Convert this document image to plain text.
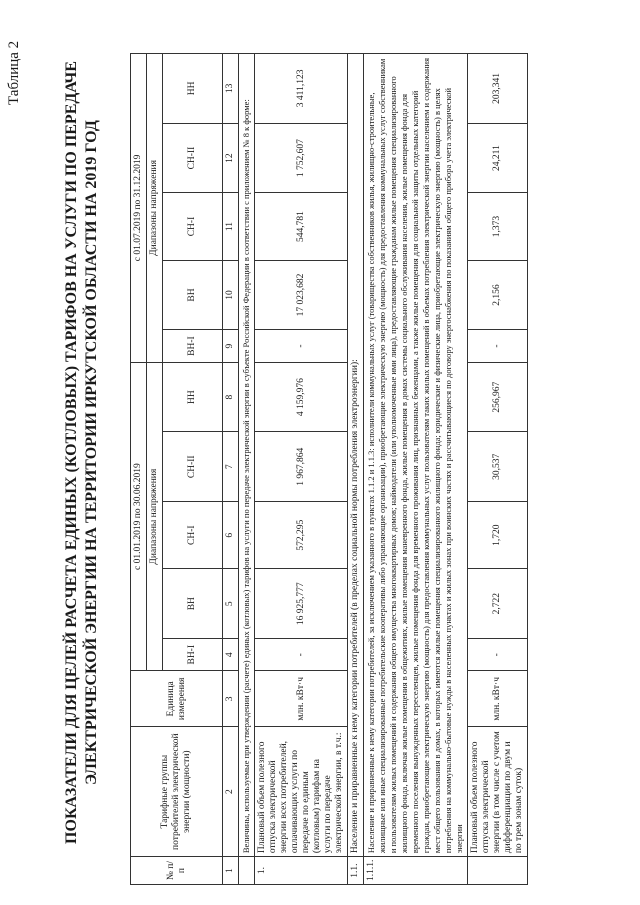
Таблица 2	ПОКАЗАТЕЛИ ДЛЯ ЦЕЛЕЙ РАСЧЕТА ЕДИНЫХ (КОТЛОВЫХ) ТАРИФОВ НА УСЛУГИ ПО ПЕРЕДАЧЕ ЭЛЕКТРИЧЕСКОЙ ЭНЕРГИИ НА ТЕРРИТОРИИ ИРКУТСКОЙ ОБЛАСТИ НА 2019 ГОД
№ п/п	Тарифные группы потребителей электрической энергии (мощности)	Единица измерения	с 01.01.2019 по 30.06.2019					с 01.07.2019 по 31.12.2019				
			Диапазоны напряжения					Диапазоны напряжения				
			ВН-I	ВН	СН-I	СН-II	НН	ВН-I	ВН	СН-I	СН-II	НН
1	2	3	4	5	6	7	8	9	10	11	12	13
	Величины, используемые при утверждении (расчете) единых (котловых) тарифов на услуги по передаче электрической энергии в субъекте Российской Федерации в соответствии с приложением № 8 к форме:											
1.	Плановый объем полезного отпуска электрической энергии всех потребителей, оплачивающих услуги по передаче по единым (котловым) тарифам на услуги по передаче электрической энергии, в т.ч.:	млн. кВт·ч	-	16 925,777	572,295	1 967,864	4 159,976	-	17 023,682	544,781	1 752,607	3 411,123
1.1.	Население и приравненные к нему категории потребителей (в пределах социальной нормы потребления электроэнергии):											
1.1.1.	Население и приравненные к нему категории потребителей, за исключением указанного в пунктах 1.1.2 и 1.1.3: исполнители коммунальных услуг (товарищества собственников жилья, жилищно-строительные, жилищные или иные специализированные потребительские кооперативы либо управляющие организации), приобретающие электрическую энергию (мощность) для предоставления коммунальных услуг собственникам и пользователям жилых помещений и содержания общего имущества многоквартирных домов; наймодатели (или уполномоченные ими лица), предоставляющие гражданам жилые помещения специализированного жилищного фонда, включая жилые помещения в общежитиях, жилые помещения маневренного фонда, жилые помещения в домах системы социального обслуживания населения, жилые помещения фонда для временного поселения вынужденных переселенцев, жилые помещения фонда для временного проживания лиц, признанных беженцами, а также жилые помещения для социальной защиты отдельных категорий граждан, приобретающие электрическую энергию (мощность) для предоставления коммунальных услуг пользователям таких жилых помещений в объемах потребления электрической энергии населением и содержания мест общего пользования в домах, в которых имеются жилые помещения специализированного жилищного фонда; юридические и физические лица, приобретающие электрическую энергию (мощность) в целях потребления на коммунально-бытовые нужды в населенных пунктах и жилых зонах при воинских частях и рассчитывающиеся по договору энергоснабжения по показаниям общего прибора учета электрической энергии											
	Плановый объем полезного отпуска электрической энергии (в том числе с учетом дифференциации по двум и по трем зонам суток)	млн. кВт·ч	-	2,722	1,720	30,537	256,967	-	2,156	1,373	24,211	203,341
